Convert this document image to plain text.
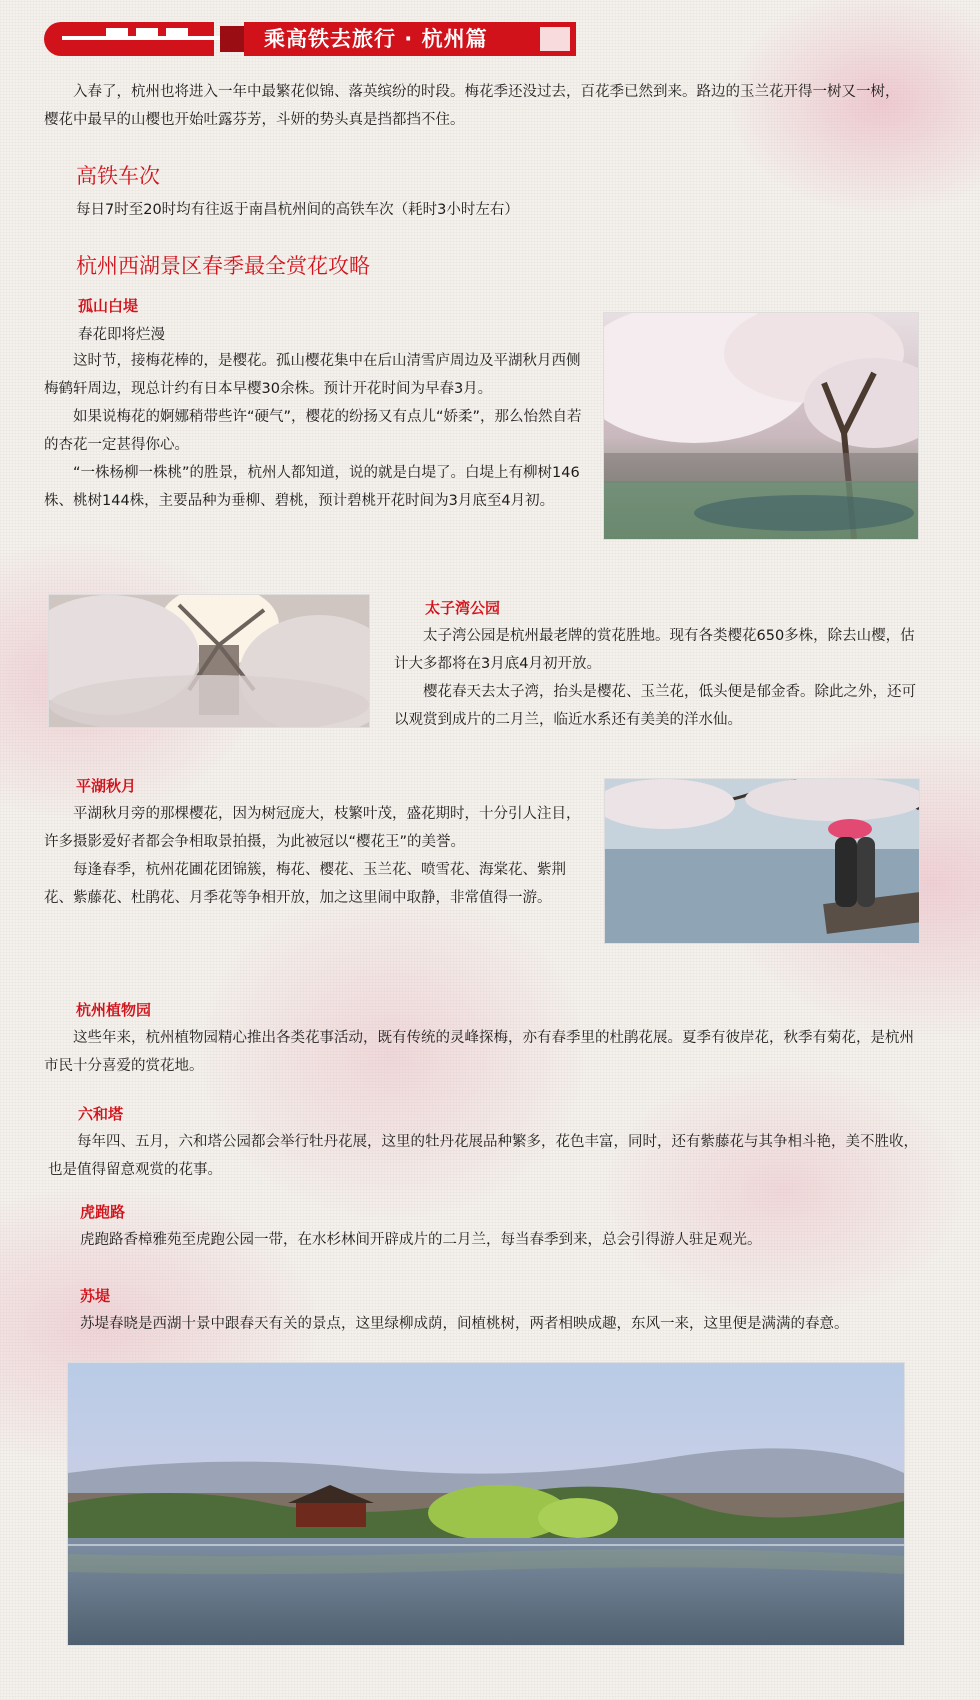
乘高铁去旅行 · 杭州篇
入春了，杭州也将进入一年中最繁花似锦、落英缤纷的时段。梅花季还没过去，百花季已然到来。路边的玉兰花开得一树又一树，樱花中最早的山樱也开始吐露芬芳，斗妍的势头真是挡都挡不住。
高铁车次
每日7时至20时均有往返于南昌杭州间的高铁车次（耗时3小时左右）
杭州西湖景区春季最全赏花攻略
孤山白堤
春花即将烂漫
这时节，接梅花棒的，是樱花。孤山樱花集中在后山清雪庐周边及平湖秋月西侧梅鹤轩周边，现总计约有日本早樱30余株。预计开花时间为早春3月。
如果说梅花的婀娜稍带些许“硬气”，樱花的纷扬又有点儿“娇柔”，那么怡然自若的杏花一定甚得你心。
“一株杨柳一株桃”的胜景，杭州人都知道，说的就是白堤了。白堤上有柳树146株、桃树144株，主要品种为垂柳、碧桃，预计碧桃开花时间为3月底至4月初。
太子湾公园
太子湾公园是杭州最老牌的赏花胜地。现有各类樱花650多株，除去山樱，估计大多都将在3月底4月初开放。
樱花春天去太子湾，抬头是樱花、玉兰花，低头便是郁金香。除此之外，还可以观赏到成片的二月兰，临近水系还有美美的洋水仙。
平湖秋月
平湖秋月旁的那棵樱花，因为树冠庞大，枝繁叶茂，盛花期时，十分引人注目，许多摄影爱好者都会争相取景拍摄，为此被冠以“樱花王”的美誉。
每逢春季，杭州花圃花团锦簇，梅花、樱花、玉兰花、喷雪花、海棠花、紫荆花、紫藤花、杜鹃花、月季花等争相开放，加之这里闹中取静，非常值得一游。
杭州植物园
这些年来，杭州植物园精心推出各类花事活动，既有传统的灵峰探梅，亦有春季里的杜鹃花展。夏季有彼岸花，秋季有菊花，是杭州市民十分喜爱的赏花地。
六和塔
每年四、五月，六和塔公园都会举行牡丹花展，这里的牡丹花展品种繁多，花色丰富，同时，还有紫藤花与其争相斗艳，美不胜收，也是值得留意观赏的花事。
虎跑路
虎跑路香樟雅苑至虎跑公园一带，在水杉林间开辟成片的二月兰，每当春季到来，总会引得游人驻足观光。
苏堤
苏堤春晓是西湖十景中跟春天有关的景点，这里绿柳成荫，间植桃树，两者相映成趣，东风一来，这里便是满满的春意。
